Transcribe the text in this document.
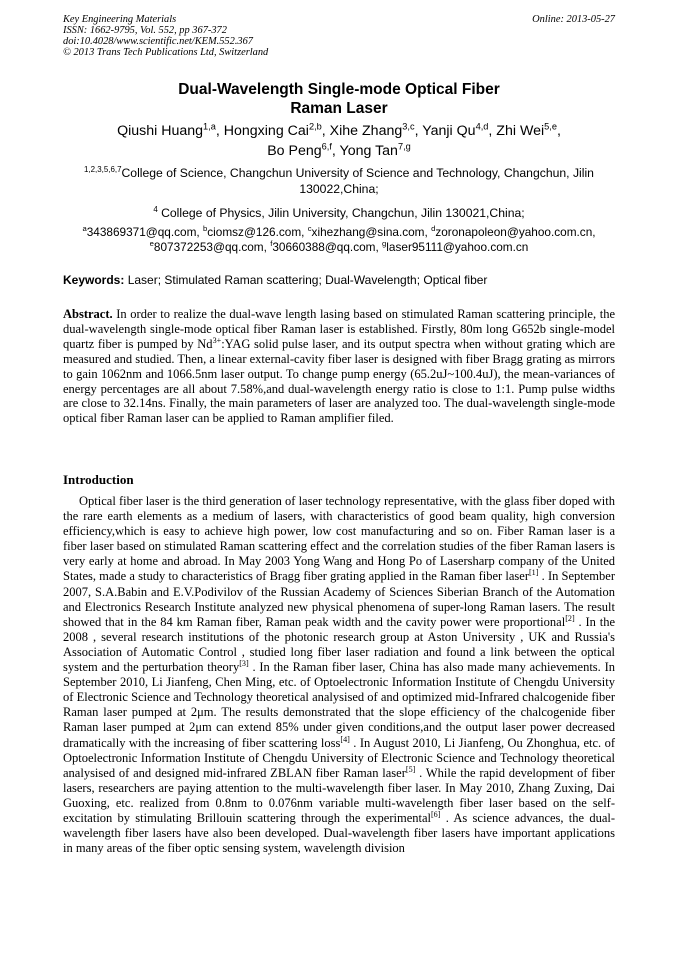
Key Engineering Materials
ISSN: 1662-9795, Vol. 552, pp 367-372
doi:10.4028/www.scientific.net/KEM.552.367
© 2013 Trans Tech Publications Ltd, Switzerland
Online: 2013-05-27
Dual-Wavelength Single-mode Optical Fiber
Raman Laser
Qiushi Huang$^{1,a}$, Hongxing Cai$^{2,b}$, Xihe Zhang$^{3,c}$, Yanji Qu$^{4,d}$, Zhi Wei$^{5,e}$,
Bo Peng$^{6,f}$, Yong Tan$^{7,g}$
$^{1,2,3,5,6,7}$College of Science, Changchun University of Science and Technology, Changchun, Jilin 130022,China;
$^4$ College of Physics, Jilin University, Changchun, Jilin 130021,China;
$^a$343869371@qq.com, $^b$ciomsz@126.com, $^c$xihezhang@sina.com, $^d$zoronapoleon@yahoo.com.cn,
$^e$807372253@qq.com, $^f$30660388@qq.com, $^g$laser95111@yahoo.com.cn
Keywords: Laser; Stimulated Raman scattering; Dual-Wavelength; Optical fiber
Abstract. In order to realize the dual-wave length lasing based on stimulated Raman scattering principle, the dual-wavelength single-mode optical fiber Raman laser is established. Firstly, 80m long G652b single-model quartz fiber is pumped by $Nd^{3+}:YAG$ solid pulse laser, and its output spectra when without grating which are measured and studied. Then, a linear external-cavity fiber laser is designed with fiber Bragg grating as mirrors to gain 1062nm and 1066.5nm laser output. To change pump energy (65.2uJ~100.4uJ), the mean-variances of energy percentages are all about 7.58%,and dual-wavelength energy ratio is close to 1:1. Pump pulse widths are close to 32.14ns. Finally, the main parameters of laser are analyzed too. The dual-wavelength single-mode optical fiber Raman laser can be applied to Raman amplifier filed.
Introduction
Optical fiber laser is the third generation of laser technology representative, with the glass fiber doped with the rare earth elements as a medium of lasers, with characteristics of good beam quality, high conversion efficiency,which is easy to achieve high power, low cost manufacturing and so on. Fiber Raman laser is a fiber laser based on stimulated Raman scattering effect and the correlation studies of the fiber Raman lasers is very early at home and abroad. In May 2003 Yong Wang and Hong Po of Lasersharp company of the United States, made a study to characteristics of Bragg fiber grating applied in the Raman fiber laser[1] . In September 2007, S.A.Babin and E.V.Podivilov of the Russian Academy of Sciences Siberian Branch of the Automation and Electronics Research Institute analyzed new physical phenomena of super-long Raman lasers. The result showed that in the 84 km Raman fiber, Raman peak width and the cavity power were proportional[2] . In the 2008 , several research institutions of the photonic research group at Aston University , UK and Russia's Association of Automatic Control , studied long fiber laser radiation and found a link between the optical system and the perturbation theory[3] . In the Raman fiber laser, China has also made many achievements. In September 2010, Li Jianfeng, Chen Ming, etc. of Optoelectronic Information Institute of Chengdu University of Electronic Science and Technology theoretical analysised of and optimized mid-Infrared chalcogenide fiber Raman laser pumped at 2μm. The results demonstrated that the slope efficiency of the chalcogenide fiber Raman laser pumped at 2μm can extend 85% under given conditions,and the output laser power decreased dramatically with the increasing of fiber scattering loss[4] . In August 2010, Li Jianfeng, Ou Zhonghua, etc. of Optoelectronic Information Institute of Chengdu University of Electronic Science and Technology theoretical analysised of and designed mid-infrared ZBLAN fiber Raman laser[5] . While the rapid development of fiber lasers, researchers are paying attention to the multi-wavelength fiber laser. In May 2010, Zhang Zuxing, Dai Guoxing, etc. realized from 0.8nm to 0.076nm variable multi-wavelength fiber laser based on the self-excitation by stimulating Brillouin scattering through the experimental[6] . As science advances, the dual-wavelength fiber lasers have also been developed. Dual-wavelength fiber lasers have important applications in many areas of the fiber optic sensing system, wavelength division
